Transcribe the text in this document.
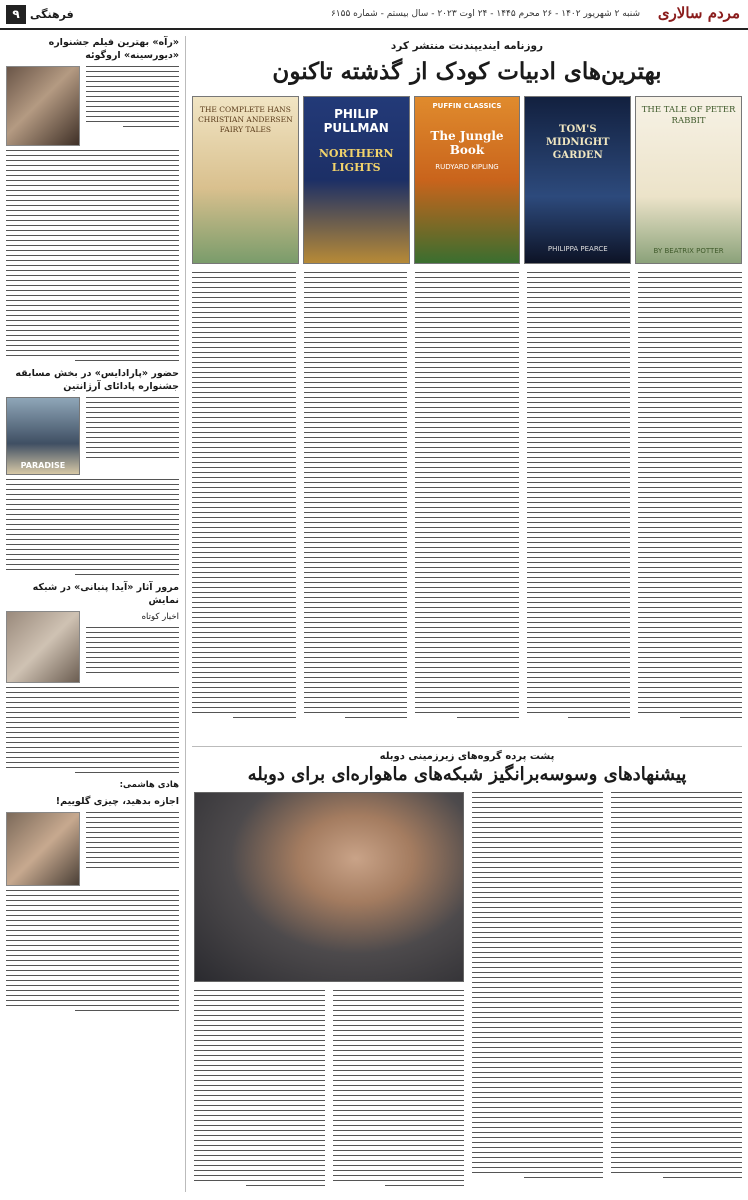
مردم سالاری
شنبه ۲ شهریور ۱۴۰۲ - ۲۶ محرم ۱۴۴۵ - ۲۴ اوت ۲۰۲۳ - سال بیستم - شماره ۶۱۵۵
۹ فرهنگی
«رآه» بهترین فیلم جشنواره «دیورسینه» اروگوئه
حضور «پارادایس» در بخش مسابقه جشنواره پادائای آرژانتین
PARADISE
مرور آثار «آیدا پنبانی» در شبکه نمایش
اخبار کوتاه
هادی هاشمی:
اجازه بدهید، چیزی گلوییم!
روزنامه ایندیپندنت منتشر کرد
بهترین‌های ادبیات کودک از گذشته تاکنون
THE COMPLETE HANS CHRISTIAN ANDERSEN FAIRY TALES
PHILIP PULLMAN
NORTHERN LIGHTS
PUFFIN CLASSICS
The Jungle Book
RUDYARD KIPLING
TOM'S MIDNIGHT GARDEN
PHILIPPA PEARCE
THE TALE OF PETER RABBIT
BY BEATRIX POTTER
پشت پرده گروه‌های زیرزمینی دوبله
پیشنهادهای وسوسه‌برانگیز شبکه‌های ماهواره‌ای برای دوبله
